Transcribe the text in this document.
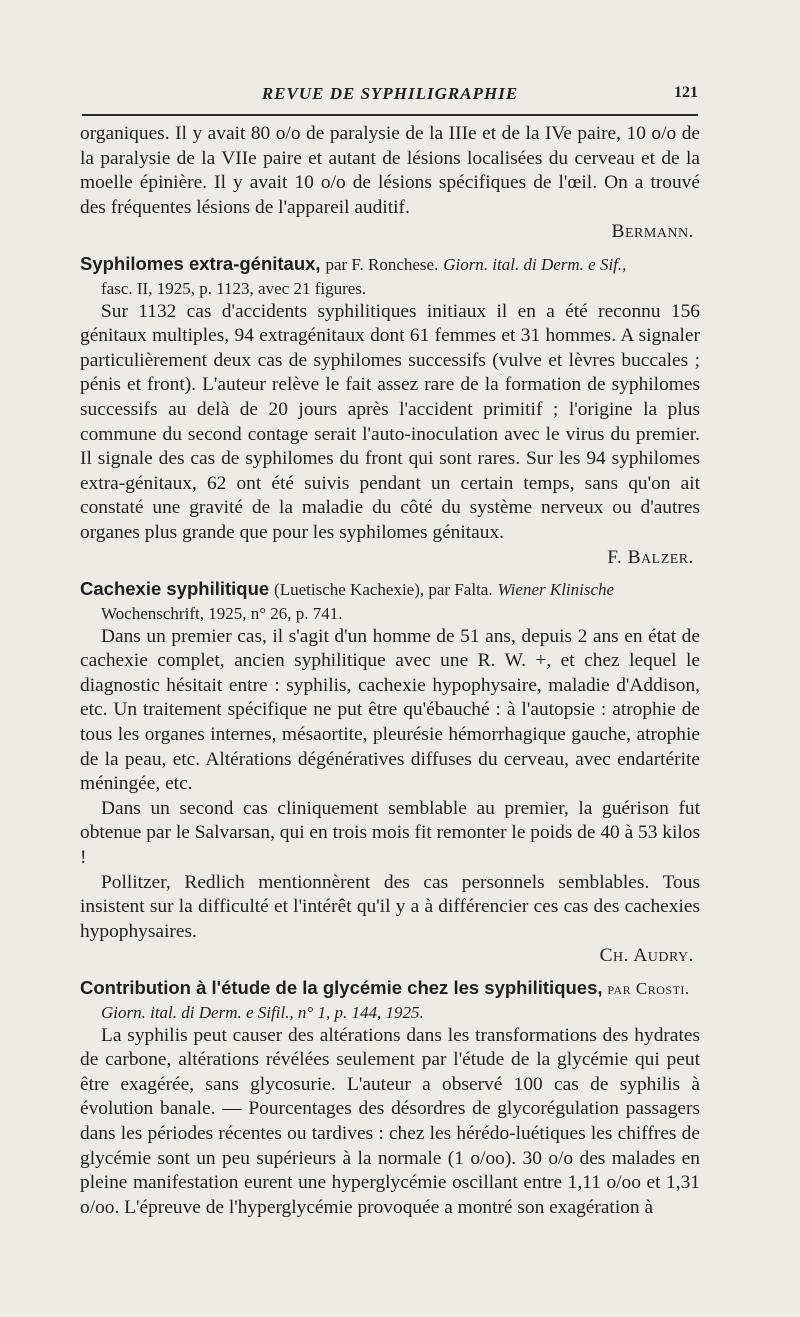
REVUE DE SYPHILIGRAPHIE	121

organiques. Il y avait 80 o/o de paralysie de la IIIe et de la IVe paire, 10 o/o de la paralysie de la VIIe paire et autant de lésions localisées du cerveau et de la moelle épinière. Il y avait 10 o/o de lésions spécifiques de l'œil. On a trouvé des fréquentes lésions de l'appareil auditif.

Bermann.

Syphilomes extra-génitaux, par F. Ronchese. Giorn. ital. di Derm. e Sif.,

fasc. II, 1925, p. 1123, avec 21 figures.

Sur 1132 cas d'accidents syphilitiques initiaux il en a été reconnu 156 génitaux multiples, 94 extragénitaux dont 61 femmes et 31 hommes. A signaler particulièrement deux cas de syphilomes successifs (vulve et lèvres buccales ; pénis et front). L'auteur relève le fait assez rare de la formation de syphilomes successifs au delà de 20 jours après l'accident primitif ; l'origine la plus commune du second contage serait l'auto-inoculation avec le virus du premier. Il signale des cas de syphilomes du front qui sont rares. Sur les 94 syphilomes extra-génitaux, 62 ont été suivis pendant un certain temps, sans qu'on ait constaté une gravité de la maladie du côté du système nerveux ou d'autres organes plus grande que pour les syphilomes génitaux.

F. Balzer.

Cachexie syphilitique (Luetische Kachexie), par Falta. Wiener Klinische

Wochenschrift, 1925, n° 26, p. 741.

Dans un premier cas, il s'agit d'un homme de 51 ans, depuis 2 ans en état de cachexie complet, ancien syphilitique avec une R. W. +, et chez lequel le diagnostic hésitait entre : syphilis, cachexie hypophysaire, maladie d'Addison, etc. Un traitement spécifique ne put être qu'ébauché : à l'autopsie : atrophie de tous les organes internes, mésaortite, pleurésie hémorrhagique gauche, atrophie de la peau, etc. Altérations dégénératives diffuses du cerveau, avec endartérite méningée, etc.

Dans un second cas cliniquement semblable au premier, la guérison fut obtenue par le Salvarsan, qui en trois mois fit remonter le poids de 40 à 53 kilos !

Pollitzer, Redlich mentionnèrent des cas personnels semblables. Tous insistent sur la difficulté et l'intérêt qu'il y a à différencier ces cas des cachexies hypophysaires.

Ch. Audry.

Contribution à l'étude de la glycémie chez les syphilitiques, par Crosti.

Giorn. ital. di Derm. e Sifil., n° 1, p. 144, 1925.

La syphilis peut causer des altérations dans les transformations des hydrates de carbone, altérations révélées seulement par l'étude de la glycémie qui peut être exagérée, sans glycosurie. L'auteur a observé 100 cas de syphilis à évolution banale. — Pourcentages des désordres de glycorégulation passagers dans les périodes récentes ou tardives : chez les hérédo-luétiques les chiffres de glycémie sont un peu supérieurs à la normale (1 o/oo). 30 o/o des malades en pleine manifestation eurent une hyperglycémie oscillant entre 1,11 o/oo et 1,31 o/oo. L'épreuve de l'hyperglycémie provoquée a montré son exagération à
